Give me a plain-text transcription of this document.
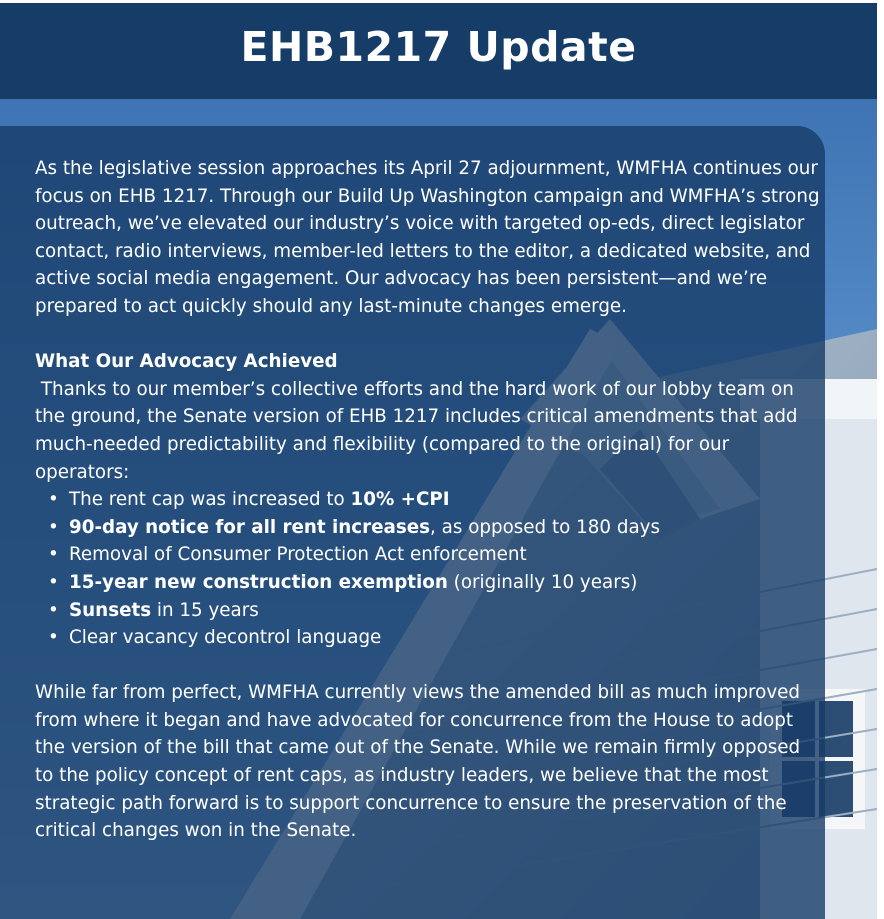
EHB1217 Update

As the legislative session approaches its April 27 adjournment, WMFHA continues our focus on EHB 1217. Through our Build Up Washington campaign and WMFHA’s strong outreach, we’ve elevated our industry’s voice with targeted op-eds, direct legislator contact, radio interviews, member-led letters to the editor, a dedicated website, and active social media engagement. Our advocacy has been persistent—and we’re prepared to act quickly should any last-minute changes emerge.

What Our Advocacy Achieved

Thanks to our member’s collective efforts and the hard work of our lobby team on the ground, the Senate version of EHB 1217 includes critical amendments that add much-needed predictability and flexibility (compared to the original) for our operators:

• The rent cap was increased to 10% +CPI
• 90-day notice for all rent increases, as opposed to 180 days
• Removal of Consumer Protection Act enforcement
• 15-year new construction exemption (originally 10 years)
• Sunsets in 15 years
• Clear vacancy decontrol language

While far from perfect, WMFHA currently views the amended bill as much improved from where it began and have advocated for concurrence from the House to adopt the version of the bill that came out of the Senate. While we remain firmly opposed to the policy concept of rent caps, as industry leaders, we believe that the most strategic path forward is to support concurrence to ensure the preservation of the critical changes won in the Senate.
